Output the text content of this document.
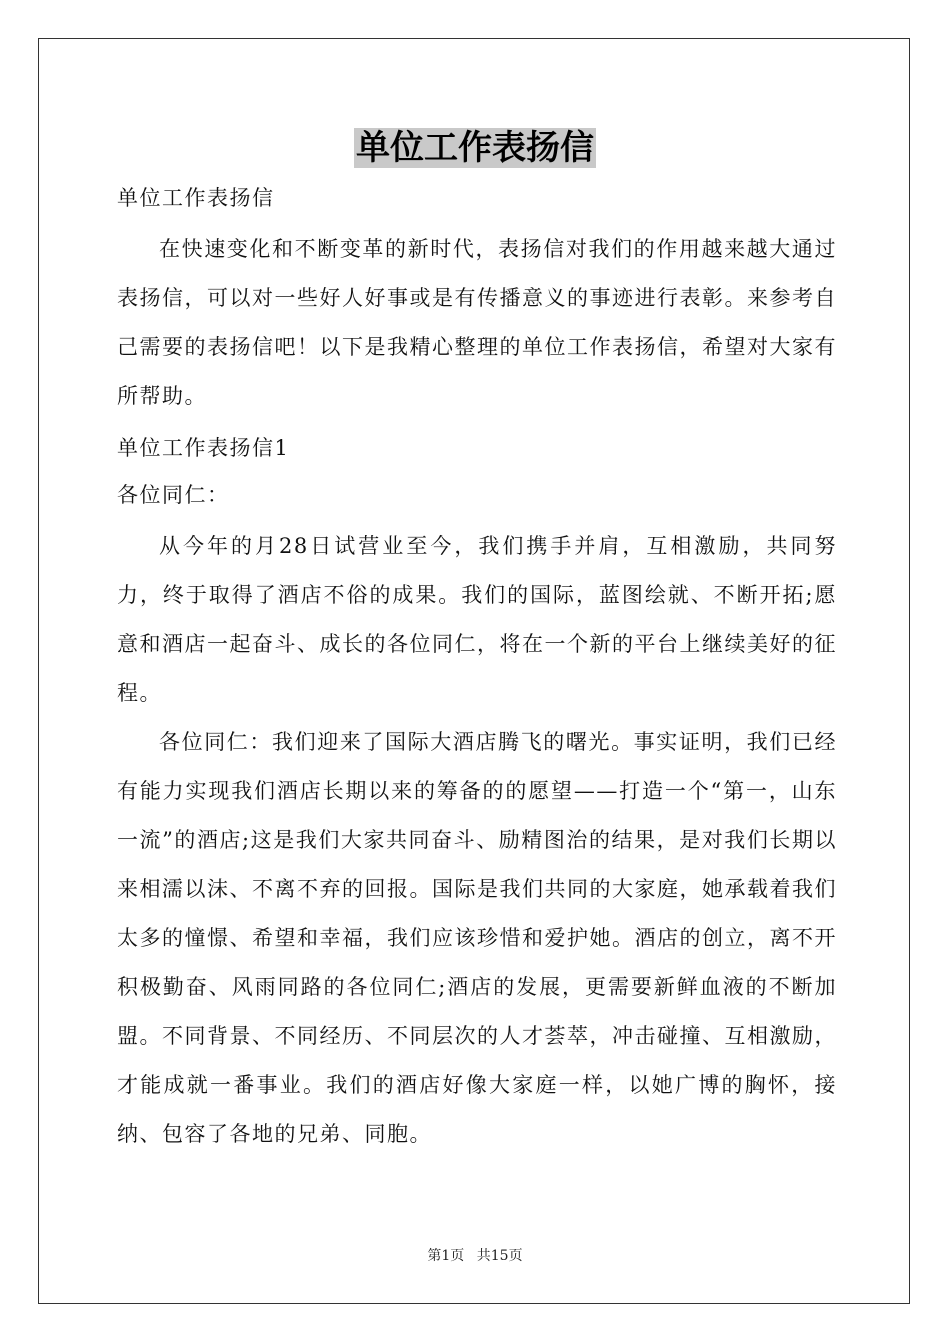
单位工作表扬信

单位工作表扬信

在快速变化和不断变革的新时代，表扬信对我们的作用越来越大通过表扬信，可以对一些好人好事或是有传播意义的事迹进行表彰。来参考自己需要的表扬信吧！以下是我精心整理的单位工作表扬信，希望对大家有所帮助。

单位工作表扬信1

各位同仁：

从今年的月28日试营业至今，我们携手并肩，互相激励，共同努力，终于取得了酒店不俗的成果。我们的国际，蓝图绘就、不断开拓;愿意和酒店一起奋斗、成长的各位同仁，将在一个新的平台上继续美好的征程。

各位同仁：我们迎来了国际大酒店腾飞的曙光。事实证明，我们已经有能力实现我们酒店长期以来的筹备的的愿望——打造一个“第一，山东一流”的酒店;这是我们大家共同奋斗、励精图治的结果，是对我们长期以来相濡以沫、不离不弃的回报。国际是我们共同的大家庭，她承载着我们太多的憧憬、希望和幸福，我们应该珍惜和爱护她。酒店的创立，离不开积极勤奋、风雨同路的各位同仁;酒店的发展，更需要新鲜血液的不断加盟。不同背景、不同经历、不同层次的人才荟萃，冲击碰撞、互相激励，才能成就一番事业。我们的酒店好像大家庭一样，以她广博的胸怀，接纳、包容了各地的兄弟、同胞。

第1页 共15页
